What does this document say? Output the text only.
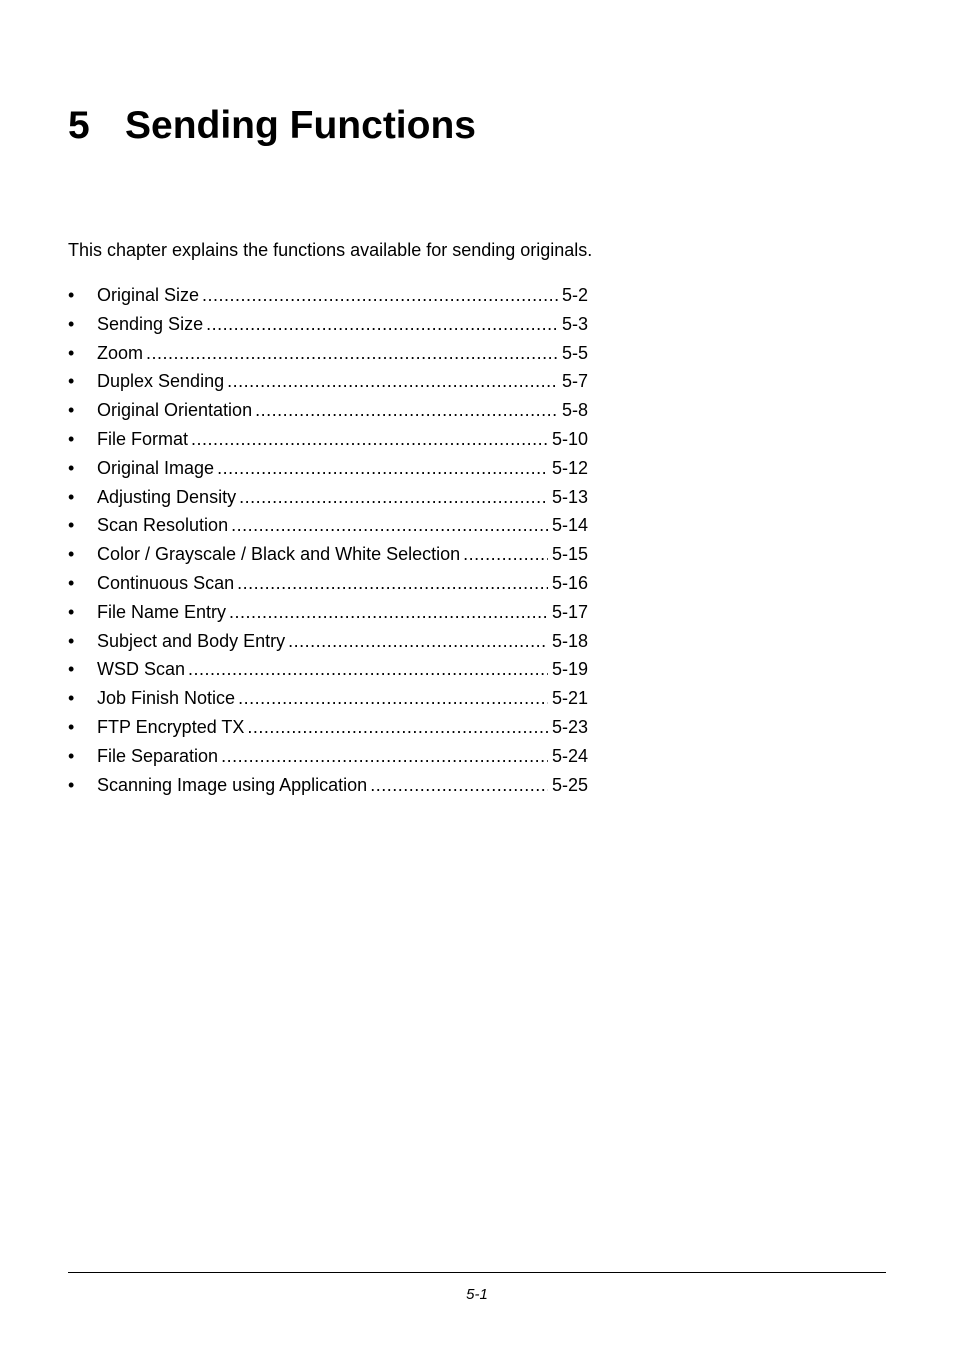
5 Sending Functions

This chapter explains the functions available for sending originals.

• Original Size .....	5-2
• Sending Size .....	5-3
• Zoom .....	5-5
• Duplex Sending .....	5-7
• Original Orientation .....	5-8
• File Format .....	5-10
• Original Image .....	5-12
• Adjusting Density .....	5-13
• Scan Resolution .....	5-14
• Color / Grayscale / Black and White Selection .....	5-15
• Continuous Scan .....	5-16
• File Name Entry .....	5-17
• Subject and Body Entry .....	5-18
• WSD Scan .....	5-19
• Job Finish Notice .....	5-21
• FTP Encrypted TX .....	5-23
• File Separation .....	5-24
• Scanning Image using Application .....	5-25
5-1
